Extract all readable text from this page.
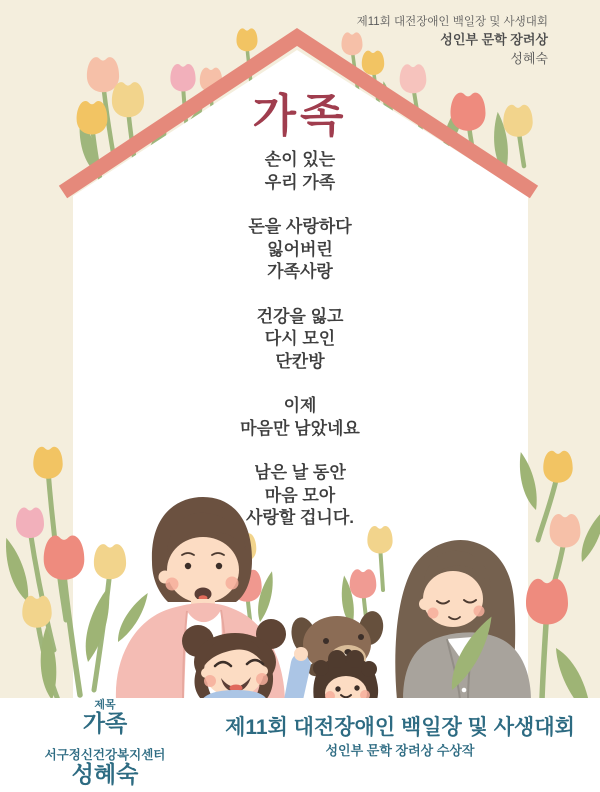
제11회 대전장애인 백일장 및 사생대회
성인부 문학 장려상
성혜숙
가족
손이 있는
우리 가족
돈을 사랑하다
잃어버린
가족사랑
건강을 잃고
다시 모인
단칸방
이제
마음만 남았네요
남은 날 동안
마음 모아
사랑할 겁니다.
제목
가족
서구정신건강복지센터
성혜숙
제11회 대전장애인 백일장 및 사생대회
성인부 문학 장려상 수상작
